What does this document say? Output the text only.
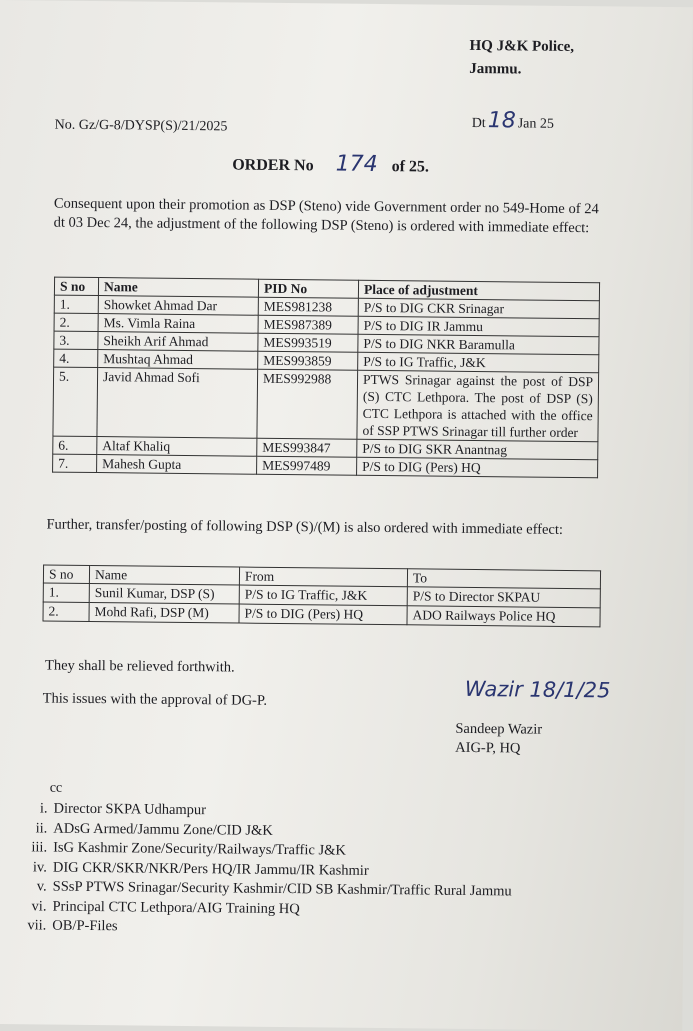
HQ J&K Police,
Jammu.
Dt18 Jan 25
No. Gz/G-8/DYSP(S)/21/2025
ORDER No 174 of 25.
Consequent upon their promotion as DSP (Steno) vide Government order no 549-Home of 24 dt 03 Dec 24, the adjustment of the following DSP (Steno) is ordered with immediate effect:
S no	Name	PID No	Place of adjustment
1.	Showket Ahmad Dar	MES981238	P/S to DIG CKR Srinagar
2.	Ms. Vimla Raina	MES987389	P/S to DIG IR Jammu
3.	Sheikh Arif Ahmad	MES993519	P/S to DIG NKR Baramulla
4.	Mushtaq Ahmad	MES993859	P/S to IG Traffic, J&K
5.	Javid Ahmad Sofi	MES992988	PTWS Srinagar against the post of DSP (S) CTC Lethpora. The post of DSP (S) CTC Lethpora is attached with the office of SSP PTWS Srinagar till further order
6.	Altaf Khaliq	MES993847	P/S to DIG SKR Anantnag
7.	Mahesh Gupta	MES997489	P/S to DIG (Pers) HQ
Further, transfer/posting of following DSP (S)/(M) is also ordered with immediate effect:
S no	Name	From	To
1.	Sunil Kumar, DSP (S)	P/S to IG Traffic, J&K	P/S to Director SKPAU
2.	Mohd Rafi, DSP (M)	P/S to DIG (Pers) HQ	ADO Railways Police HQ
They shall be relieved forthwith.
This issues with the approval of DG-P.	Wazir 18/1/25
Sandeep Wazir
AIG-P, HQ
cc
i. Director SKPA Udhampur
ii. ADsG Armed/Jammu Zone/CID J&K
iii. IsG Kashmir Zone/Security/Railways/Traffic J&K
iv. DIG CKR/SKR/NKR/Pers HQ/IR Jammu/IR Kashmir
v. SSsP PTWS Srinagar/Security Kashmir/CID SB Kashmir/Traffic Rural Jammu
vi. Principal CTC Lethpora/AIG Training HQ
vii. OB/P-Files
